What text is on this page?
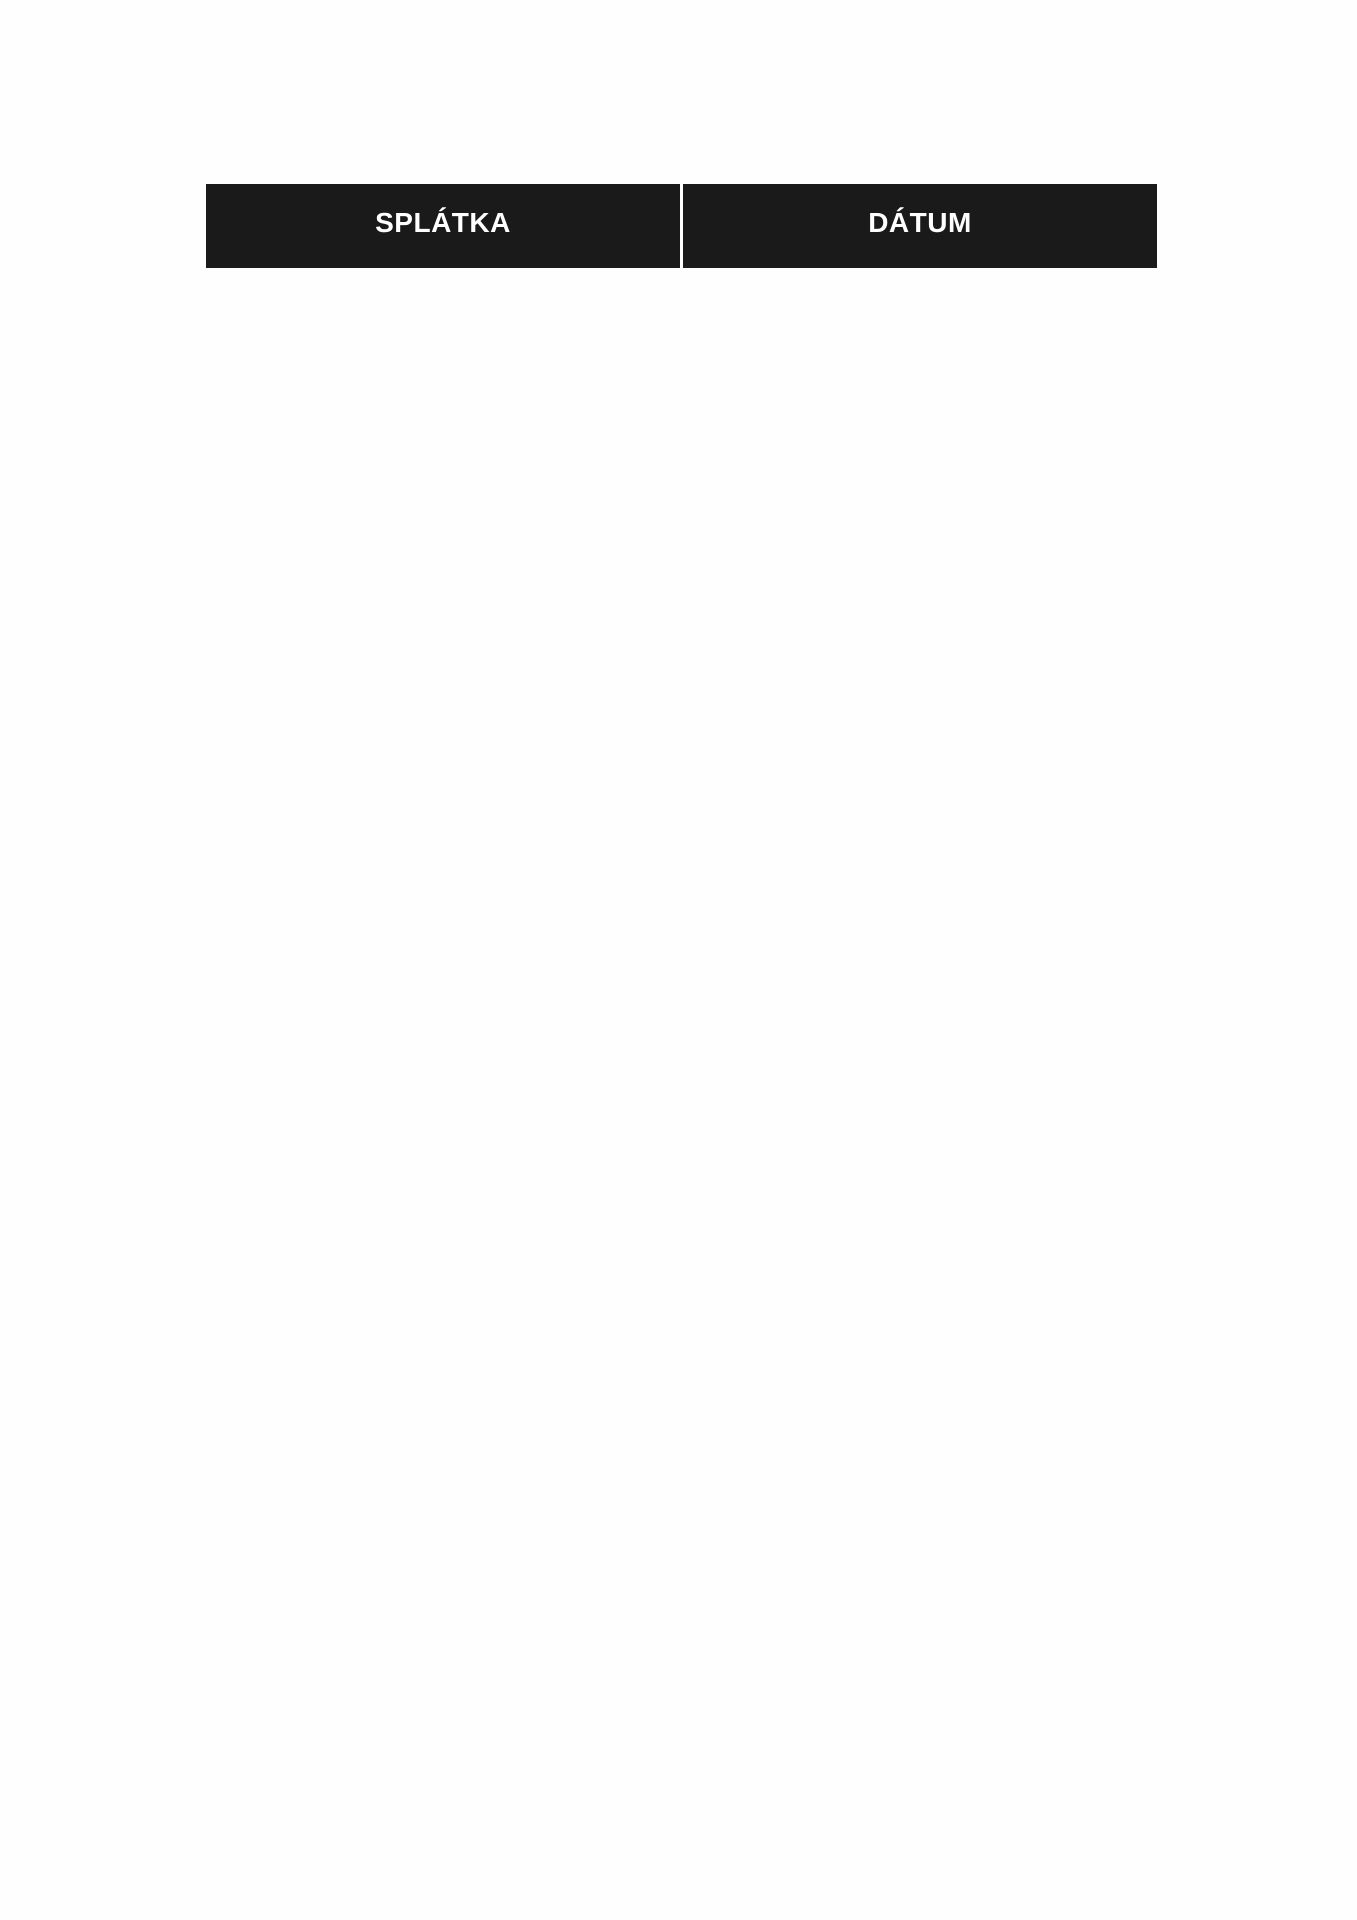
SPLÁTKA	DÁTUM
